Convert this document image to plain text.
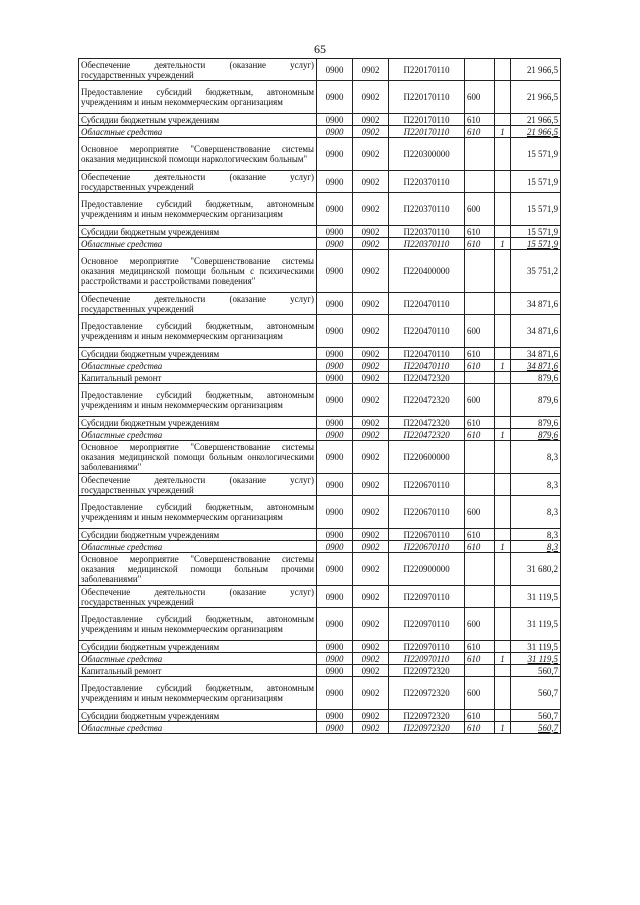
65
Обеспечение деятельности (оказание услуг) государственных учреждений	0900	0902	П220170110			21 966,5
Предоставление субсидий бюджетным, автономным учреждениям и иным некоммерческим организациям	0900	0902	П220170110	600		21 966,5
Субсидии бюджетным учреждениям	0900	0902	П220170110	610		21 966,5
Областные средства	0900	0902	П220170110	610	1	21 966,5
Основное мероприятие "Совершенствование системы оказания медицинской помощи наркологическим больным"	0900	0902	П220300000			15 571,9
Обеспечение деятельности (оказание услуг) государственных учреждений	0900	0902	П220370110			15 571,9
Предоставление субсидий бюджетным, автономным учреждениям и иным некоммерческим организациям	0900	0902	П220370110	600		15 571,9
Субсидии бюджетным учреждениям	0900	0902	П220370110	610		15 571,9
Областные средства	0900	0902	П220370110	610	1	15 571,9
Основное мероприятие "Совершенствование системы оказания медицинской помощи больным с психическими расстройствами и расстройствами поведения"	0900	0902	П220400000			35 751,2
Обеспечение деятельности (оказание услуг) государственных учреждений	0900	0902	П220470110			34 871,6
Предоставление субсидий бюджетным, автономным учреждениям и иным некоммерческим организациям	0900	0902	П220470110	600		34 871,6
Субсидии бюджетным учреждениям	0900	0902	П220470110	610		34 871,6
Областные средства	0900	0902	П220470110	610	1	34 871,6
Капитальный ремонт	0900	0902	П220472320			879,6
Предоставление субсидий бюджетным, автономным учреждениям и иным некоммерческим организациям	0900	0902	П220472320	600		879,6
Субсидии бюджетным учреждениям	0900	0902	П220472320	610		879,6
Областные средства	0900	0902	П220472320	610	1	879,6
Основное мероприятие "Совершенствование системы оказания медицинской помощи больным онкологическими заболеваниями"	0900	0902	П220600000			8,3
Обеспечение деятельности (оказание услуг) государственных учреждений	0900	0902	П220670110			8,3
Предоставление субсидий бюджетным, автономным учреждениям и иным некоммерческим организациям	0900	0902	П220670110	600		8,3
Субсидии бюджетным учреждениям	0900	0902	П220670110	610		8,3
Областные средства	0900	0902	П220670110	610	1	8,3
Основное мероприятие "Совершенствование системы оказания медицинской помощи больным прочими заболеваниями"	0900	0902	П220900000			31 680,2
Обеспечение деятельности (оказание услуг) государственных учреждений	0900	0902	П220970110			31 119,5
Предоставление субсидий бюджетным, автономным учреждениям и иным некоммерческим организациям	0900	0902	П220970110	600		31 119,5
Субсидии бюджетным учреждениям	0900	0902	П220970110	610		31 119,5
Областные средства	0900	0902	П220970110	610	1	31 119,5
Капитальный ремонт	0900	0902	П220972320			560,7
Предоставление субсидий бюджетным, автономным учреждениям и иным некоммерческим организациям	0900	0902	П220972320	600		560,7
Субсидии бюджетным учреждениям	0900	0902	П220972320	610		560,7
Областные средства	0900	0902	П220972320	610	1	560,7
